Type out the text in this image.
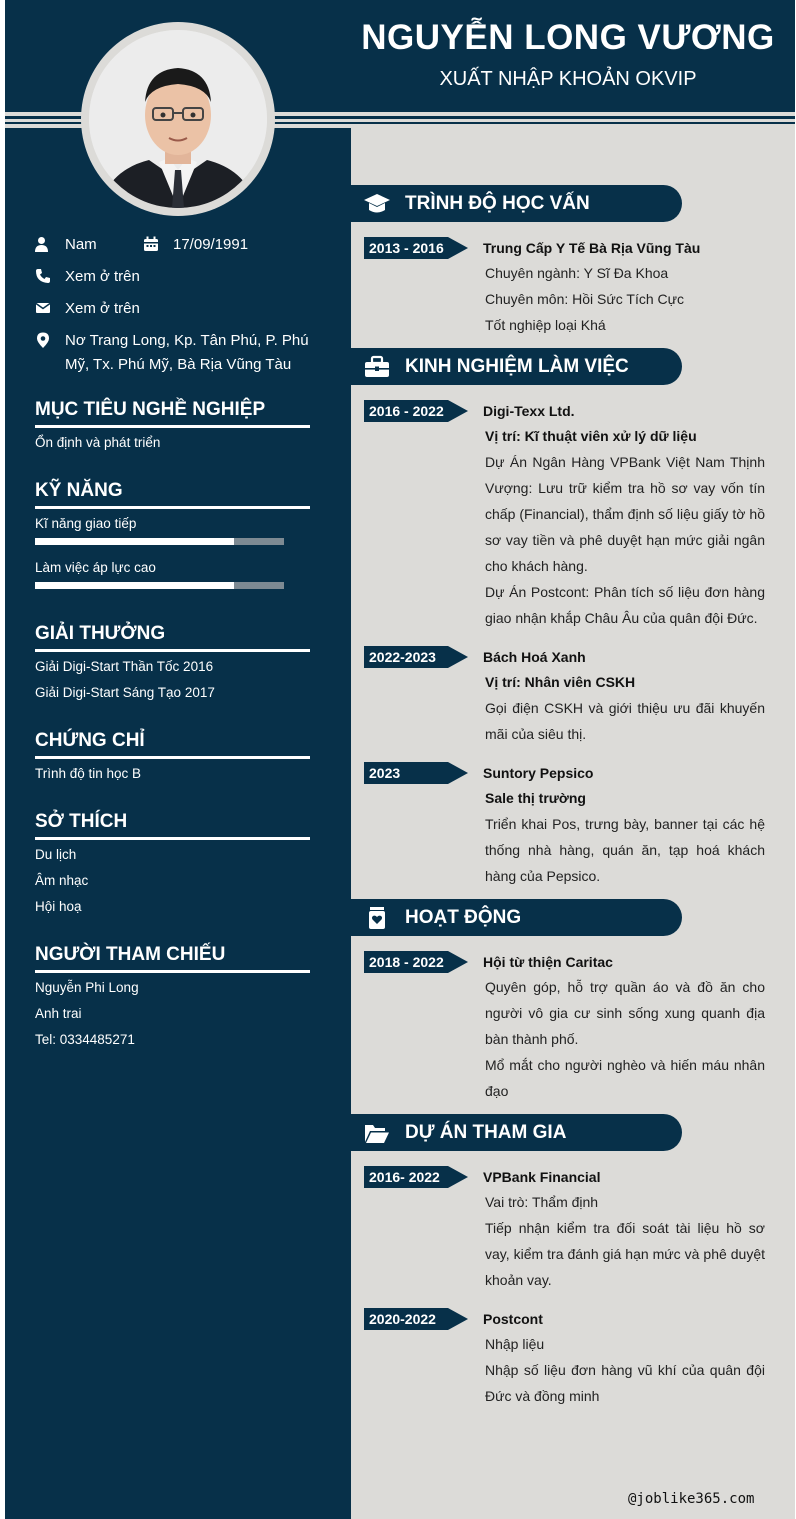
NGUYỄN LONG VƯƠNG
XUẤT NHẬP KHOẢN OKVIP
Nam	17/09/1991
Xem ở trên
Xem ở trên
Nơ Trang Long, Kp. Tân Phú, P. Phú Mỹ, Tx. Phú Mỹ, Bà Rịa Vũng Tàu
MỤC TIÊU NGHỀ NGHIỆP
Ổn định và phát triển
KỸ NĂNG
Kĩ năng giao tiếp
Làm việc áp lực cao
GIẢI THƯỞNG
Giải Digi-Start Thần Tốc 2016
Giải Digi-Start Sáng Tạo 2017
CHỨNG CHỈ
Trình độ tin học B
SỞ THÍCH
Du lịch
Âm nhạc
Hội hoạ
NGƯỜI THAM CHIẾU
Nguyễn Phi Long
Anh trai
Tel: 0334485271
TRÌNH ĐỘ HỌC VẤN
2013 - 2016	Trung Cấp Y Tế Bà Rịa Vũng Tàu
Chuyên ngành: Y Sĩ Đa Khoa
Chuyên môn: Hồi Sức Tích Cực
Tốt nghiệp loại Khá
KINH NGHIỆM LÀM VIỆC
2016 - 2022	Digi-Texx Ltd.
Vị trí: Kĩ thuật viên xử lý dữ liệu
Dự Án Ngân Hàng VPBank Việt Nam Thịnh Vượng: Lưu trữ kiểm tra hồ sơ vay vốn tín chấp (Financial), thẩm định số liệu giấy tờ hồ sơ vay tiền và phê duyệt hạn mức giải ngân cho khách hàng.
Dự Án Postcont: Phân tích số liệu đơn hàng giao nhận khắp Châu Âu của quân đội Đức.
2022-2023	Bách Hoá Xanh
Vị trí: Nhân viên CSKH
Gọi điện CSKH và giới thiệu ưu đãi khuyến mãi của siêu thị.
2023	Suntory Pepsico
Sale thị trường
Triển khai Pos, trưng bày, banner tại các hệ thống nhà hàng, quán ăn, tạp hoá khách hàng của Pepsico.
HOẠT ĐỘNG
2018 - 2022	Hội từ thiện Caritac
Quyên góp, hỗ trợ quần áo và đồ ăn cho người vô gia cư sinh sống xung quanh địa bàn thành phố.
Mổ mắt cho người nghèo và hiến máu nhân đạo
DỰ ÁN THAM GIA
2016- 2022	VPBank Financial
Vai trò: Thẩm định
Tiếp nhận kiểm tra đối soát tài liệu hồ sơ vay, kiểm tra đánh giá hạn mức và phê duyệt khoản vay.
2020-2022	Postcont
Nhập liệu
Nhập số liệu đơn hàng vũ khí của quân đội Đức và đồng minh
@joblike365.com
